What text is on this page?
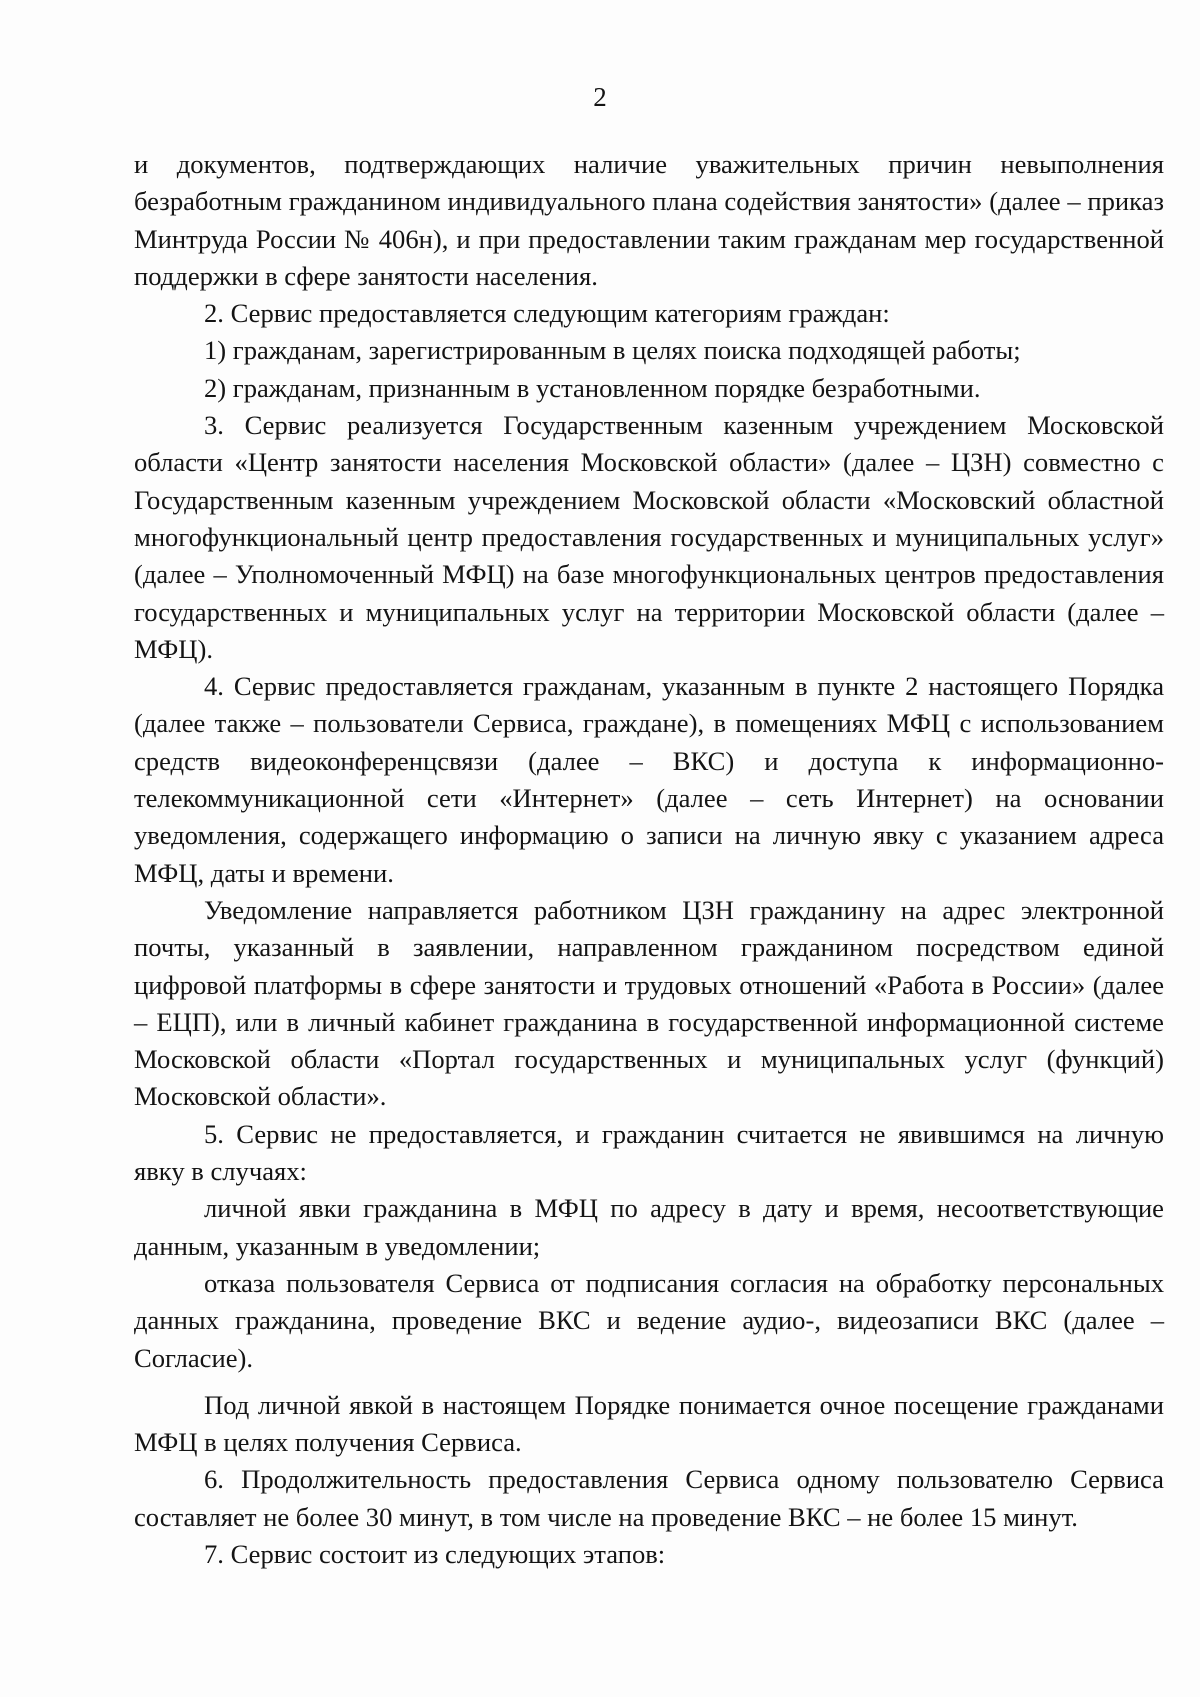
2

и документов, подтверждающих наличие уважительных причин невыполнения безработным гражданином индивидуального плана содействия занятости» (далее – приказ Минтруда России № 406н), и при предоставлении таким гражданам мер государственной поддержки в сфере занятости населения.

2. Сервис предоставляется следующим категориям граждан:

1) гражданам, зарегистрированным в целях поиска подходящей работы;

2) гражданам, признанным в установленном порядке безработными.

3. Сервис реализуется Государственным казенным учреждением Московской области «Центр занятости населения Московской области» (далее – ЦЗН) совместно с Государственным казенным учреждением Московской области «Московский областной многофункциональный центр предоставления государственных и муниципальных услуг» (далее – Уполномоченный МФЦ) на базе многофункциональных центров предоставления государственных и муниципальных услуг на территории Московской области (далее – МФЦ).

4. Сервис предоставляется гражданам, указанным в пункте 2 настоящего Порядка (далее также – пользователи Сервиса, граждане), в помещениях МФЦ с использованием средств видеоконференцсвязи (далее – ВКС) и доступа к информационно-телекоммуникационной сети «Интернет» (далее – сеть Интернет) на основании уведомления, содержащего информацию о записи на личную явку с указанием адреса МФЦ, даты и времени.

Уведомление направляется работником ЦЗН гражданину на адрес электронной почты, указанный в заявлении, направленном гражданином посредством единой цифровой платформы в сфере занятости и трудовых отношений «Работа в России» (далее – ЕЦП), или в личный кабинет гражданина в государственной информационной системе Московской области «Портал государственных и муниципальных услуг (функций) Московской области».

5. Сервис не предоставляется, и гражданин считается не явившимся на личную явку в случаях:

личной явки гражданина в МФЦ по адресу в дату и время, несоответствующие данным, указанным в уведомлении;

отказа пользователя Сервиса от подписания согласия на обработку персональных данных гражданина, проведение ВКС и ведение аудио-, видеозаписи ВКС (далее – Согласие).

Под личной явкой в настоящем Порядке понимается очное посещение гражданами МФЦ в целях получения Сервиса.

6. Продолжительность предоставления Сервиса одному пользователю Сервиса составляет не более 30 минут, в том числе на проведение ВКС – не более 15 минут.

7. Сервис состоит из следующих этапов:
